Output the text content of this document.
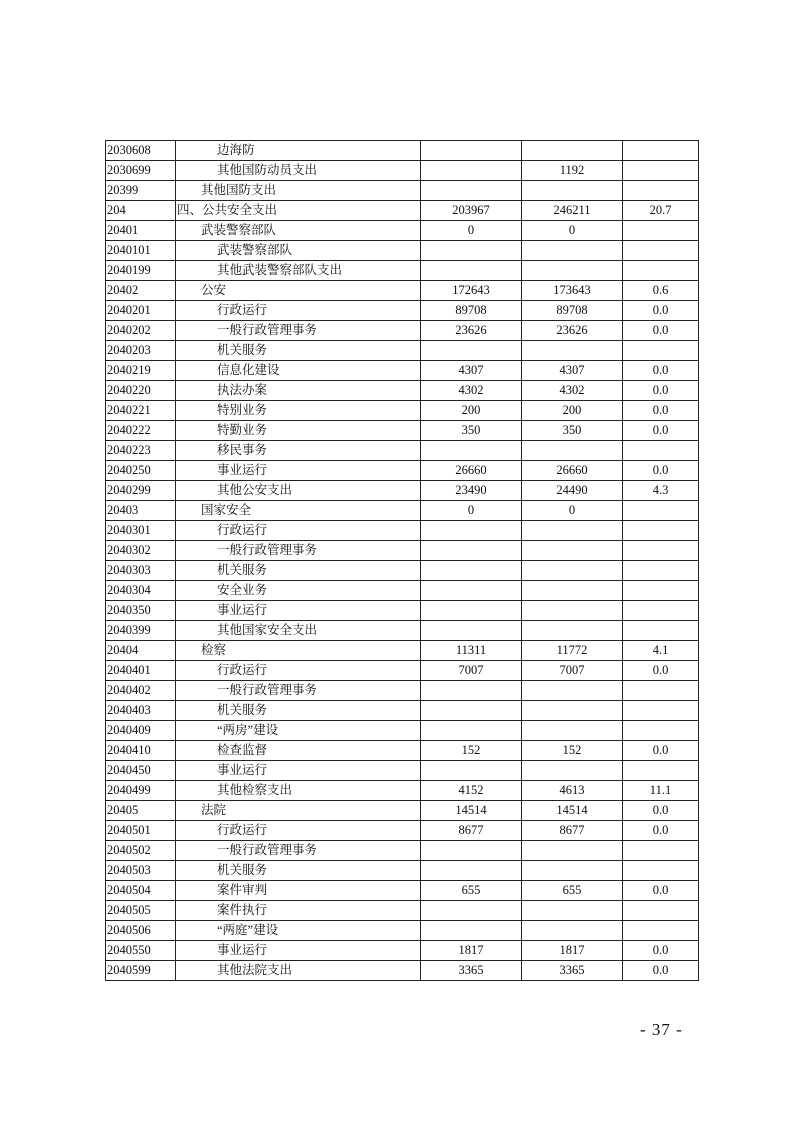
2030608	边海防			
2030699	其他国防动员支出		1192	
20399	其他国防支出			
204	四、公共安全支出	203967	246211	20.7
20401	武装警察部队	0	0	
2040101	武装警察部队			
2040199	其他武装警察部队支出			
20402	公安	172643	173643	0.6
2040201	行政运行	89708	89708	0.0
2040202	一般行政管理事务	23626	23626	0.0
2040203	机关服务			
2040219	信息化建设	4307	4307	0.0
2040220	执法办案	4302	4302	0.0
2040221	特别业务	200	200	0.0
2040222	特勤业务	350	350	0.0
2040223	移民事务			
2040250	事业运行	26660	26660	0.0
2040299	其他公安支出	23490	24490	4.3
20403	国家安全	0	0	
2040301	行政运行			
2040302	一般行政管理事务			
2040303	机关服务			
2040304	安全业务			
2040350	事业运行			
2040399	其他国家安全支出			
20404	检察	11311	11772	4.1
2040401	行政运行	7007	7007	0.0
2040402	一般行政管理事务			
2040403	机关服务			
2040409	“两房”建设			
2040410	检查监督	152	152	0.0
2040450	事业运行			
2040499	其他检察支出	4152	4613	11.1
20405	法院	14514	14514	0.0
2040501	行政运行	8677	8677	0.0
2040502	一般行政管理事务			
2040503	机关服务			
2040504	案件审判	655	655	0.0
2040505	案件执行			
2040506	“两庭”建设			
2040550	事业运行	1817	1817	0.0
2040599	其他法院支出	3365	3365	0.0
- 37 -
